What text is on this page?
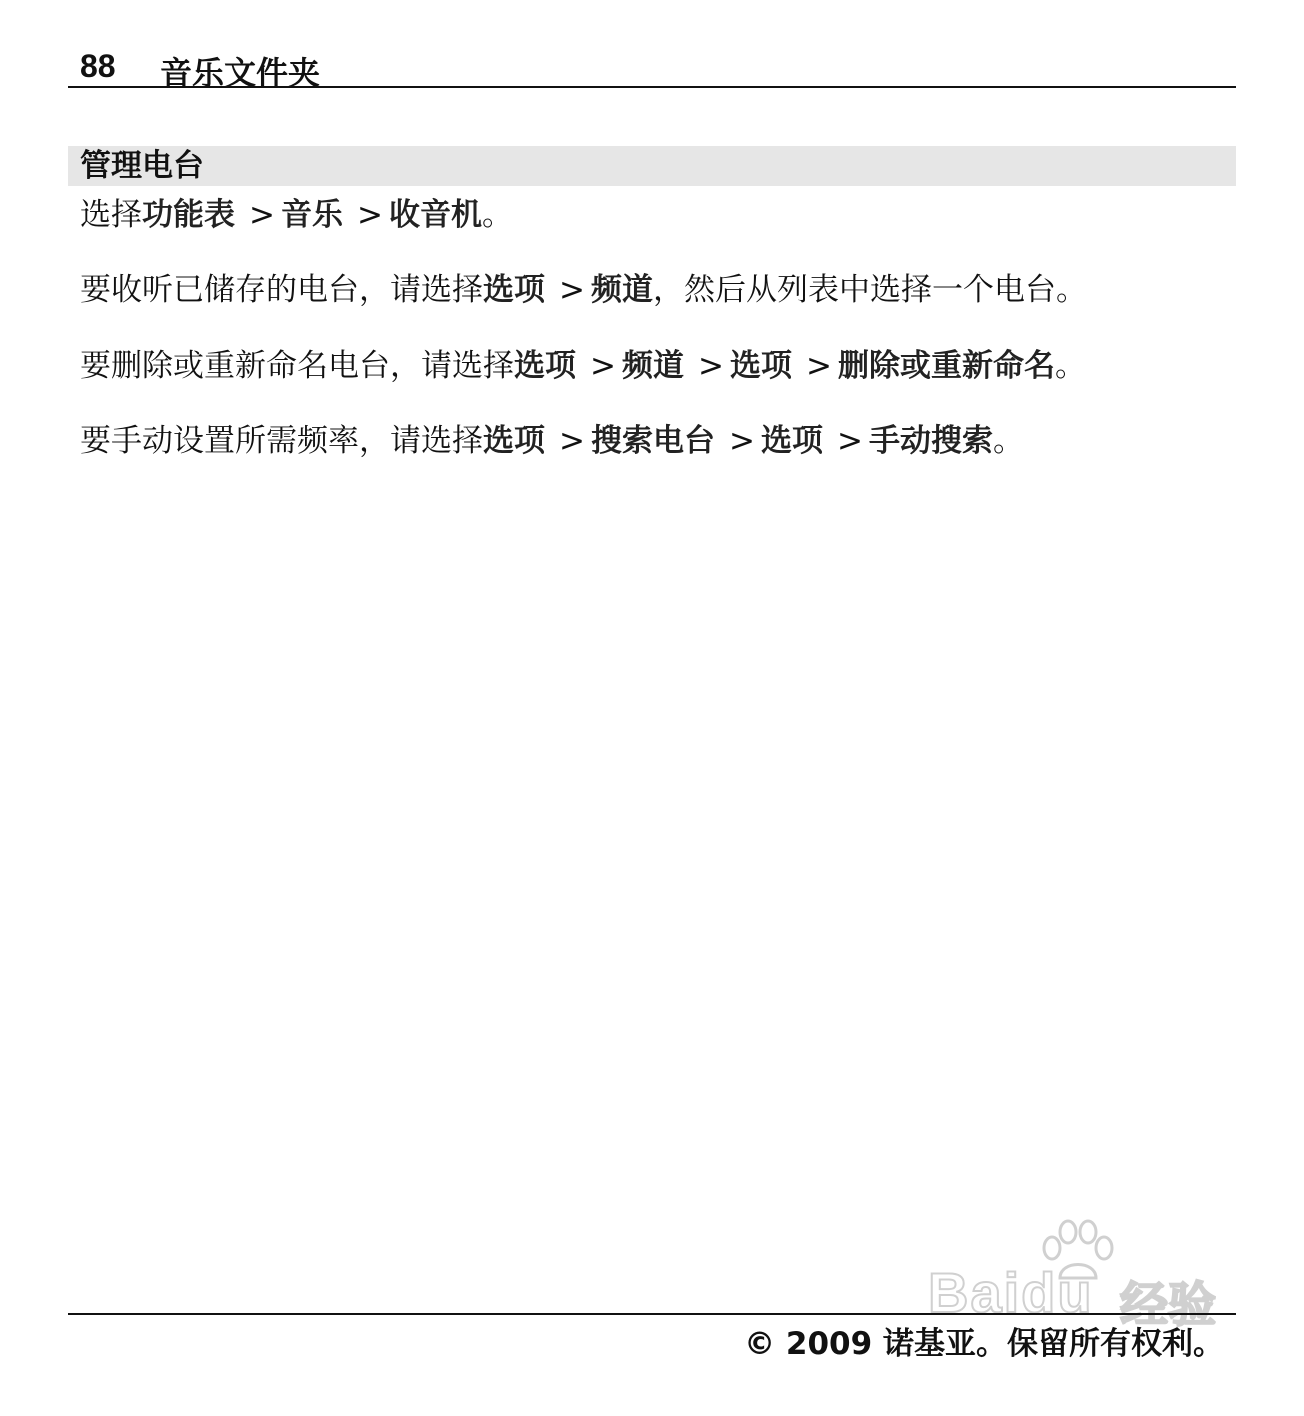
88 音乐文件夹
管理电台
选择功能表 > 音乐 > 收音机。
要收听已储存的电台，请选择选项 > 频道，然后从列表中选择一个电台。
要删除或重新命名电台，请选择选项 > 频道 > 选项 > 删除或重新命名。
要手动设置所需频率，请选择选项 > 搜索电台 > 选项 > 手动搜索。
Baidu 经验
© 2009 诺基亚。保留所有权利。
